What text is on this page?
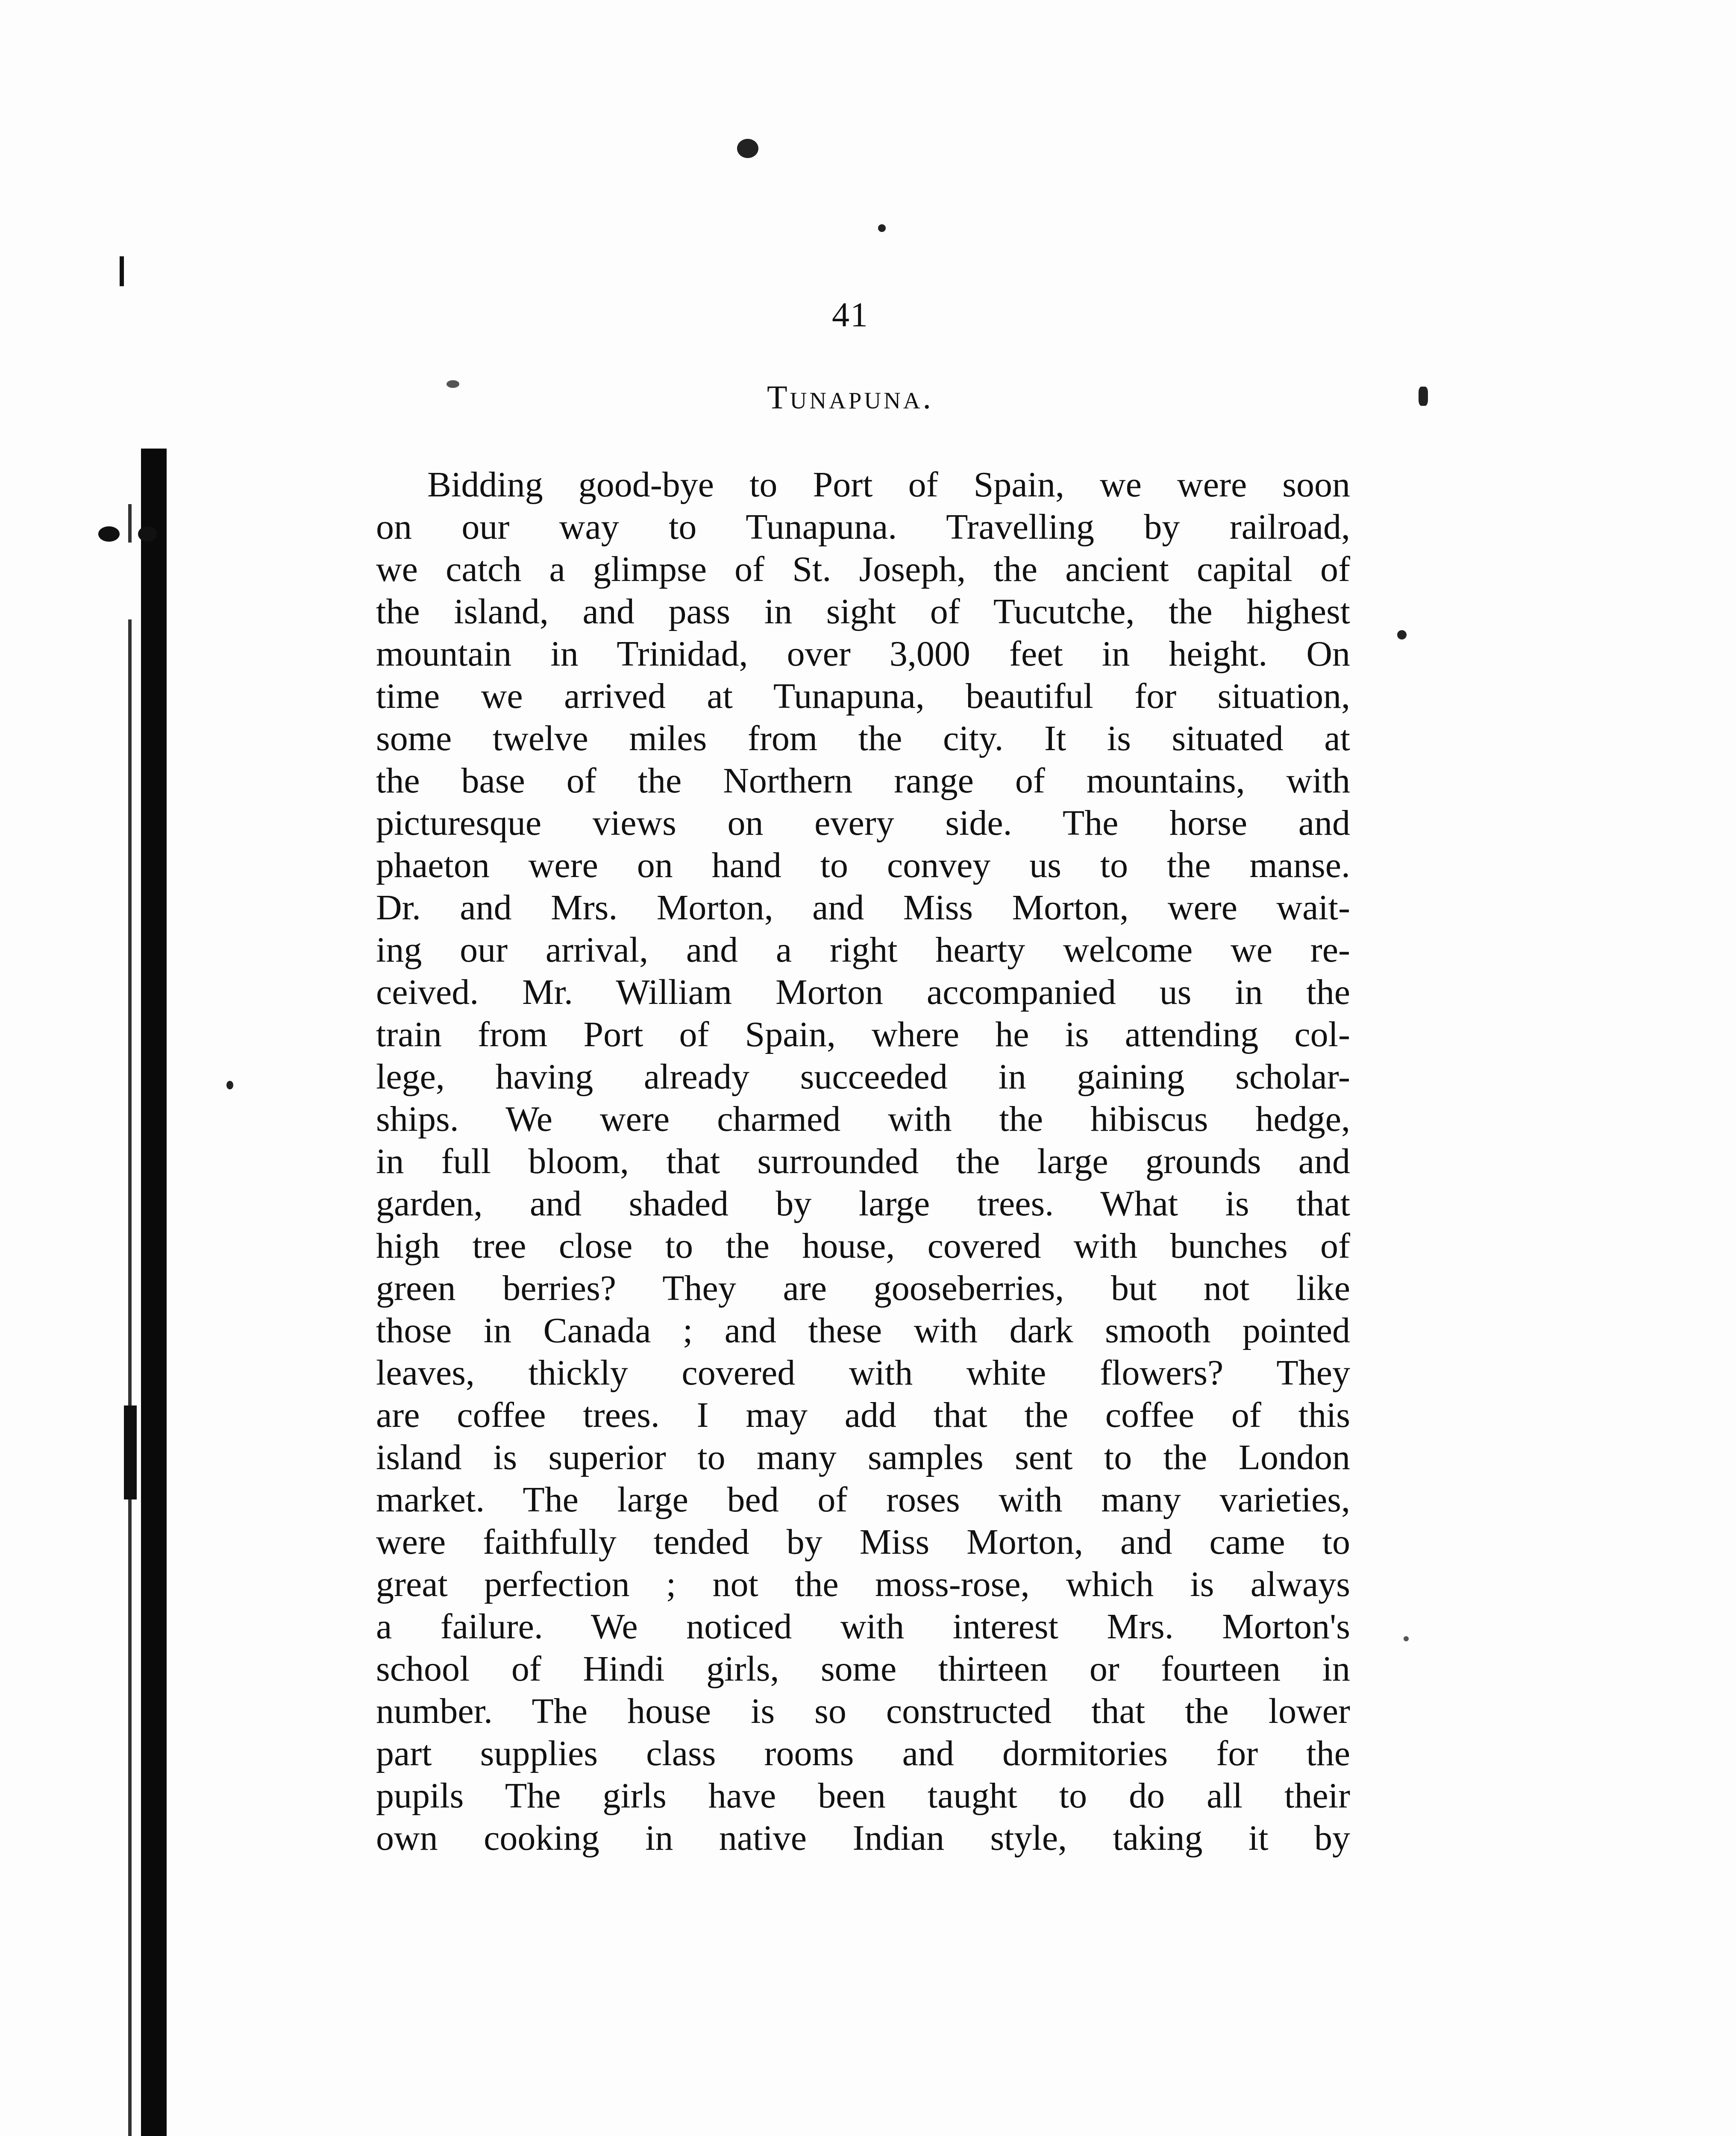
41
Tunapuna.
Bidding good-bye to Port of Spain, we were soon
on our way to Tunapuna. Travelling by railroad,
we catch a glimpse of St. Joseph, the ancient capital of
the island, and pass in sight of Tucutche, the highest
mountain in Trinidad, over 3,000 feet in height. On
time we arrived at Tunapuna, beautiful for situation,
some twelve miles from the city. It is situated at
the base of the Northern range of mountains, with
picturesque views on every side. The horse and
phaeton were on hand to convey us to the manse.
Dr. and Mrs. Morton, and Miss Morton, were wait-
ing our arrival, and a right hearty welcome we re-
ceived. Mr. William Morton accompanied us in the
train from Port of Spain, where he is attending col-
lege, having already succeeded in gaining scholar-
ships. We were charmed with the hibiscus hedge,
in full bloom, that surrounded the large grounds and
garden, and shaded by large trees. What is that
high tree close to the house, covered with bunches of
green berries? They are gooseberries, but not like
those in Canada ; and these with dark smooth pointed
leaves, thickly covered with white flowers? They
are coffee trees. I may add that the coffee of this
island is superior to many samples sent to the London
market. The large bed of roses with many varieties,
were faithfully tended by Miss Morton, and came to
great perfection ; not the moss-rose, which is always
a failure. We noticed with interest Mrs. Morton's
school of Hindi girls, some thirteen or fourteen in
number. The house is so constructed that the lower
part supplies class rooms and dormitories for the
pupils The girls have been taught to do all their
own cooking in native Indian style, taking it by
